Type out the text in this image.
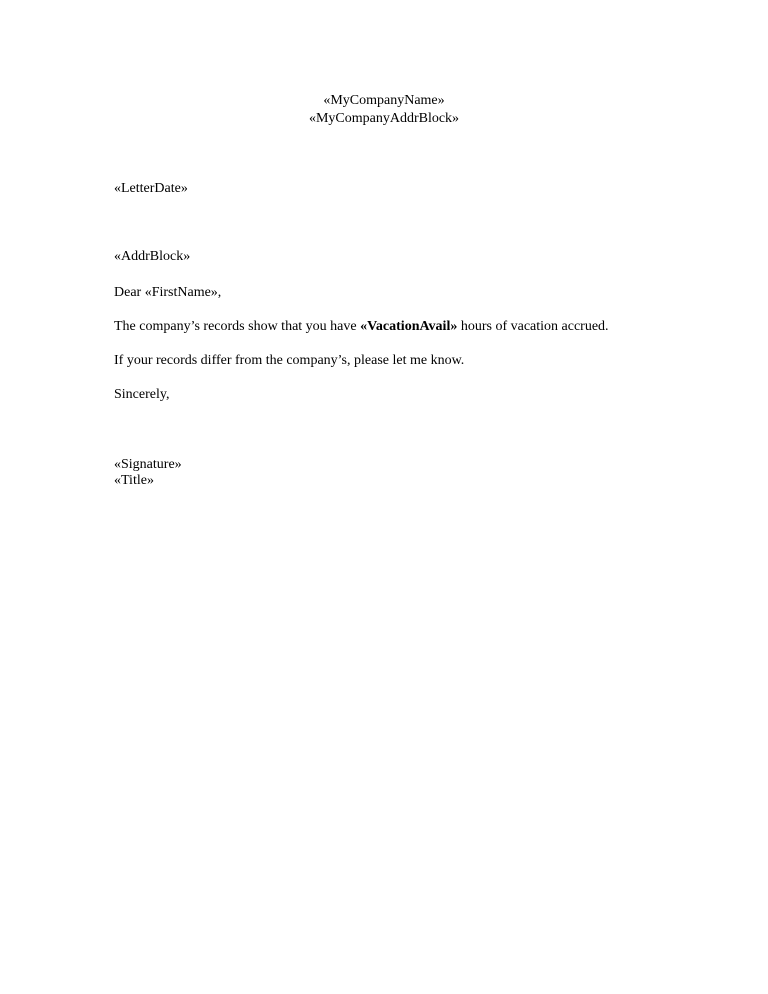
«MyCompanyName»
«MyCompanyAddrBlock»
«LetterDate»
«AddrBlock»
Dear «FirstName»,
The company’s records show that you have «VacationAvail» hours of vacation accrued.
If your records differ from the company’s, please let me know.
Sincerely,
«Signature»
«Title»
